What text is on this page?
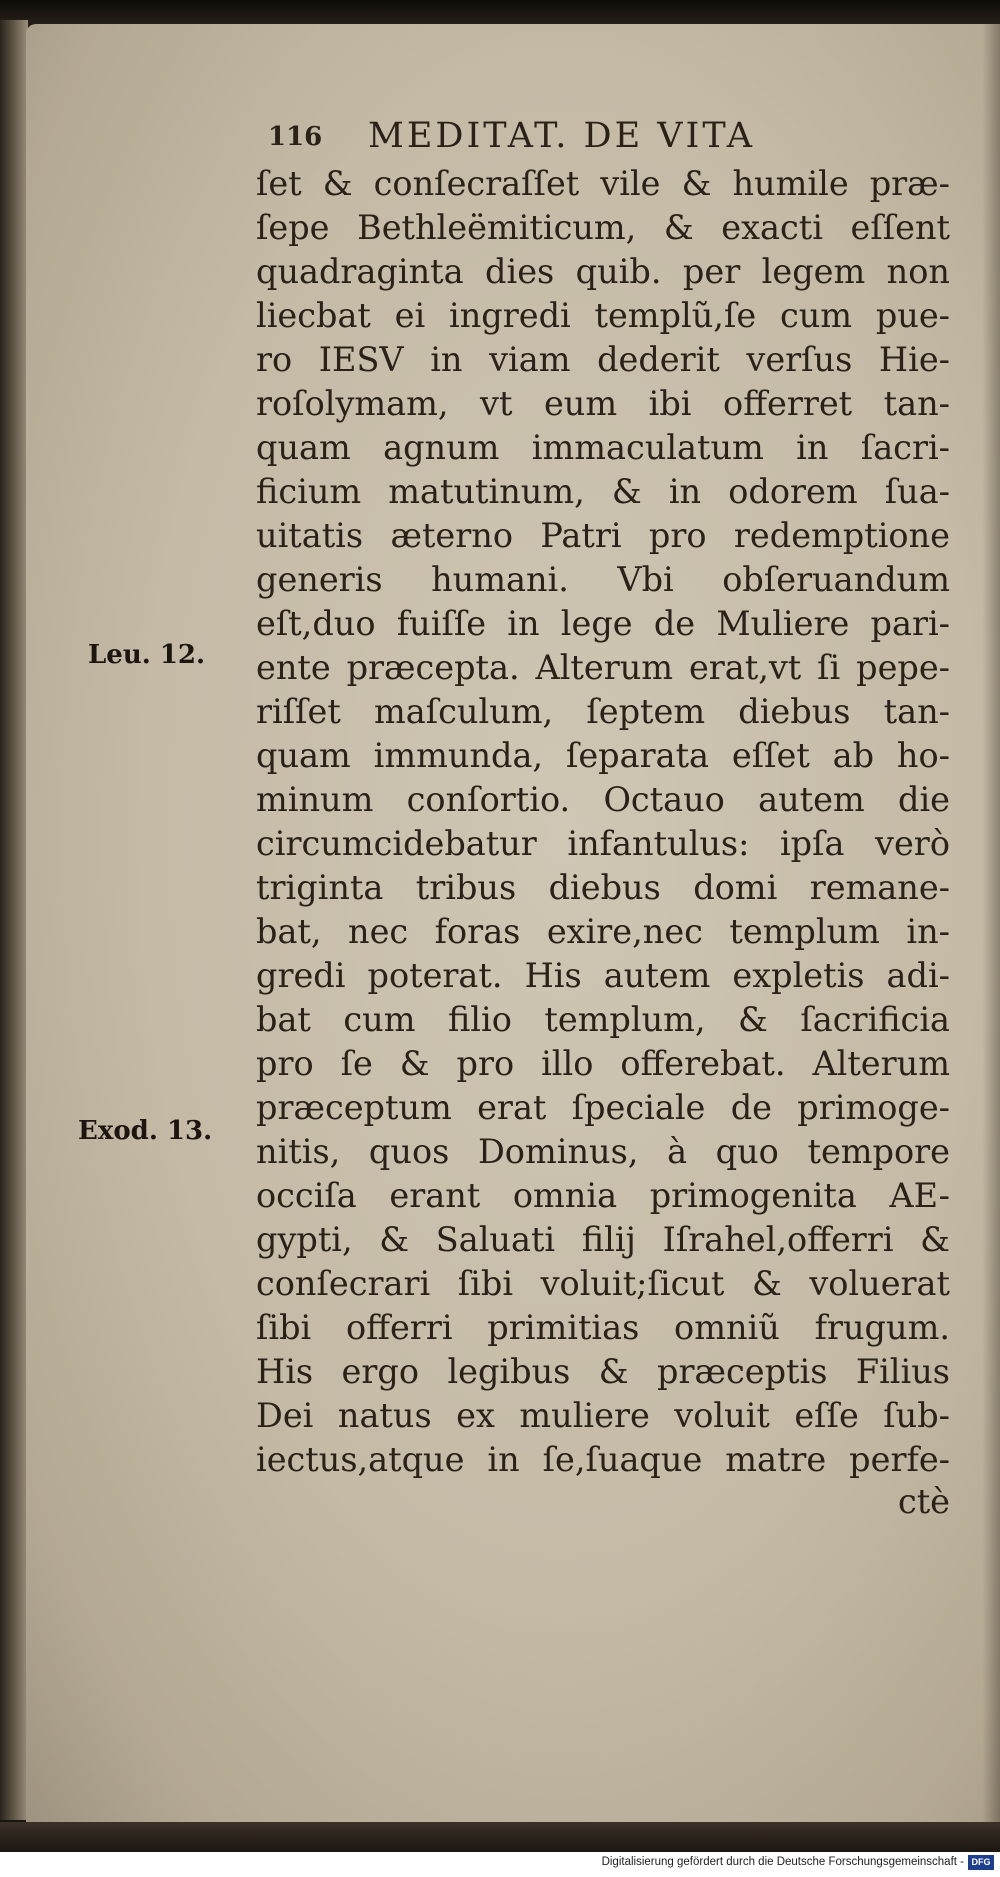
116 MEDITAT. DE VITA
ſet & conſecraſſet vile & humile præ-
ſepe Bethleëmiticum, & exacti eſſent
quadraginta dies quib. per legem non
liecbat ei ingredi templũ,ſe cum pue-
ro IESV in viam dederit verſus Hie-
roſolymam, vt eum ibi offerret tan-
quam agnum immaculatum in ſacri-
ficium matutinum, & in odorem ſua-
uitatis æterno Patri pro redemptione
generis humani. Vbi obſeruandum
eſt,duo fuiſſe in lege de Muliere pari-
ente præcepta. Alterum erat,vt ſi pepe-
riſſet maſculum, ſeptem diebus tan-
quam immunda, ſeparata eſſet ab ho-
minum conſortio. Octauo autem die
circumcidebatur infantulus: ipſa verò
triginta tribus diebus domi remane-
bat, nec foras exire,nec templum in-
gredi poterat. His autem expletis adi-
bat cum filio templum, & ſacrificia
pro ſe & pro illo offerebat. Alterum
præceptum erat ſpeciale de primoge-
nitis, quos Dominus, à quo tempore
occiſa erant omnia primogenita AE-
gypti, & Saluati filij Iſrahel,offerri &
conſecrari ſibi voluit;ſicut & voluerat
ſibi offerri primitias omniũ frugum.
His ergo legibus & præceptis Filius
Dei natus ex muliere voluit eſſe ſub-
iectus,atque in ſe,ſuaque matre perfe-
ctè
Leu. 12.
Exod. 13.
Digitalisierung gefördert durch die Deutsche Forschungsgemeinschaft - DFG
